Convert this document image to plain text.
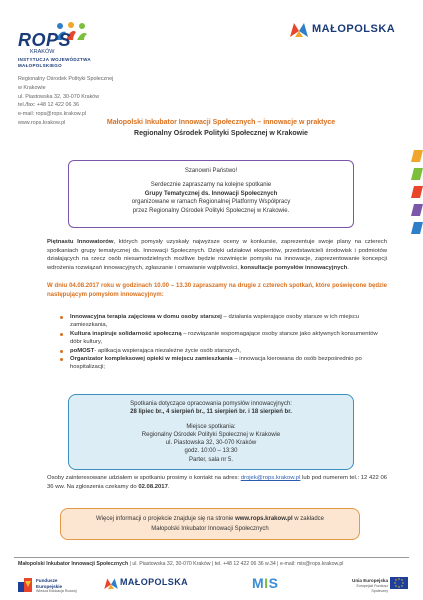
ROPS
KRAKÓW
INSTYTUCJA WOJEWÓDZTWA
MAŁOPOLSKIEGO
MAŁOPOLSKA
Regionalny Ośrodek Polityki Społecznej
w Krakowie
ul. Piastowska 32, 30-070 Kraków
tel./fax: +48 12 422 06 36
e-mail: rops@rops.krakow.pl
www.rops.krakow.pl	Małopolski Inkubator Innowacji Społecznych – innowacje w praktyce
Regionalny Ośrodek Polityki Społecznej w Krakowie
Szanowni Państwo!
Serdecznie zapraszamy na kolejne spotkanie
Grupy Tematycznej ds. Innowacji Społecznych
organizowane w ramach Regionalnej Platformy Współpracy
przez Regionalny Ośrodek Polityki Społecznej w Krakowie.
Piętnastu Innowatorów, których pomysły uzyskały najwyższe oceny w konkursie, zaprezentuje swoje plany na czterech spotkaniach grupy tematycznej ds. Innowacji Społecznych. Dzięki udziałowi ekspertów, przedstawicieli środowisk i podmiotów działających na rzecz osób niesamodzielnych możliwe będzie rozwinięcie pomysłu na innowacje, zaprezentowanie koncepcji wdrożenia rozwiązań innowacyjnych, zgłaszanie i omawianie wątpliwości, konsultacje pomysłów innowacyjnych.
W dniu 04.08.2017 roku w godzinach 10.00 – 13.30 zapraszamy na drugie z czterech spotkań, które poświęcone będzie następującym pomysłom innowacyjnym:
Innowacyjna terapia zajęciowa w domu osoby starszej – działania wspierające osoby starsze w ich miejscu zamieszkania,
Kultura inspiruje solidarność społeczną – rozwiązanie wspomagające osoby starsze jako aktywnych konsumentów dóbr kultury,
poMOST- aplikacja wspierająca niezależne życie osób starszych,
Organizator kompleksowej opieki w miejscu zamieszkania – innowacja kierowana do osób bezpośrednio po hospitalizacji;
Spotkania dotyczące opracowania pomysłów innowacyjnych:
28 lipiec br., 4 sierpień br., 11 sierpień br. i 18 sierpień br.
Miejsce spotkania:
Regionalny Ośrodek Polityki Społecznej w Krakowie
ul. Piastowska 32, 30-070 Kraków
godz. 10:00 – 13:30
Parter, sala nr 5.
Osoby zainteresowane udziałem w spotkaniu prosimy o kontakt na adres: drojek@rops.krakow.pl lub pod numerem tel.: 12 422 06 36 ww. Na zgłoszenia czekamy do 02.08.2017.
Więcej informacji o projekcie znajduje się na stronie www.rops.krakow.pl w zakładce
Małopolski Inkubator Innowacji Społecznych
Małopolski Inkubator Innowacji Społecznych | ul. Piastowska 32, 30-070 Kraków | tel. +48 12 422 06 36 w.34 | e-mail: mis@rops.krakow.pl
Fundusze
Europejskie
Wiedza Edukacja Rozwój
MAŁOPOLSKA	MIS	Unia Europejska
Europejski Fundusz Społeczny
